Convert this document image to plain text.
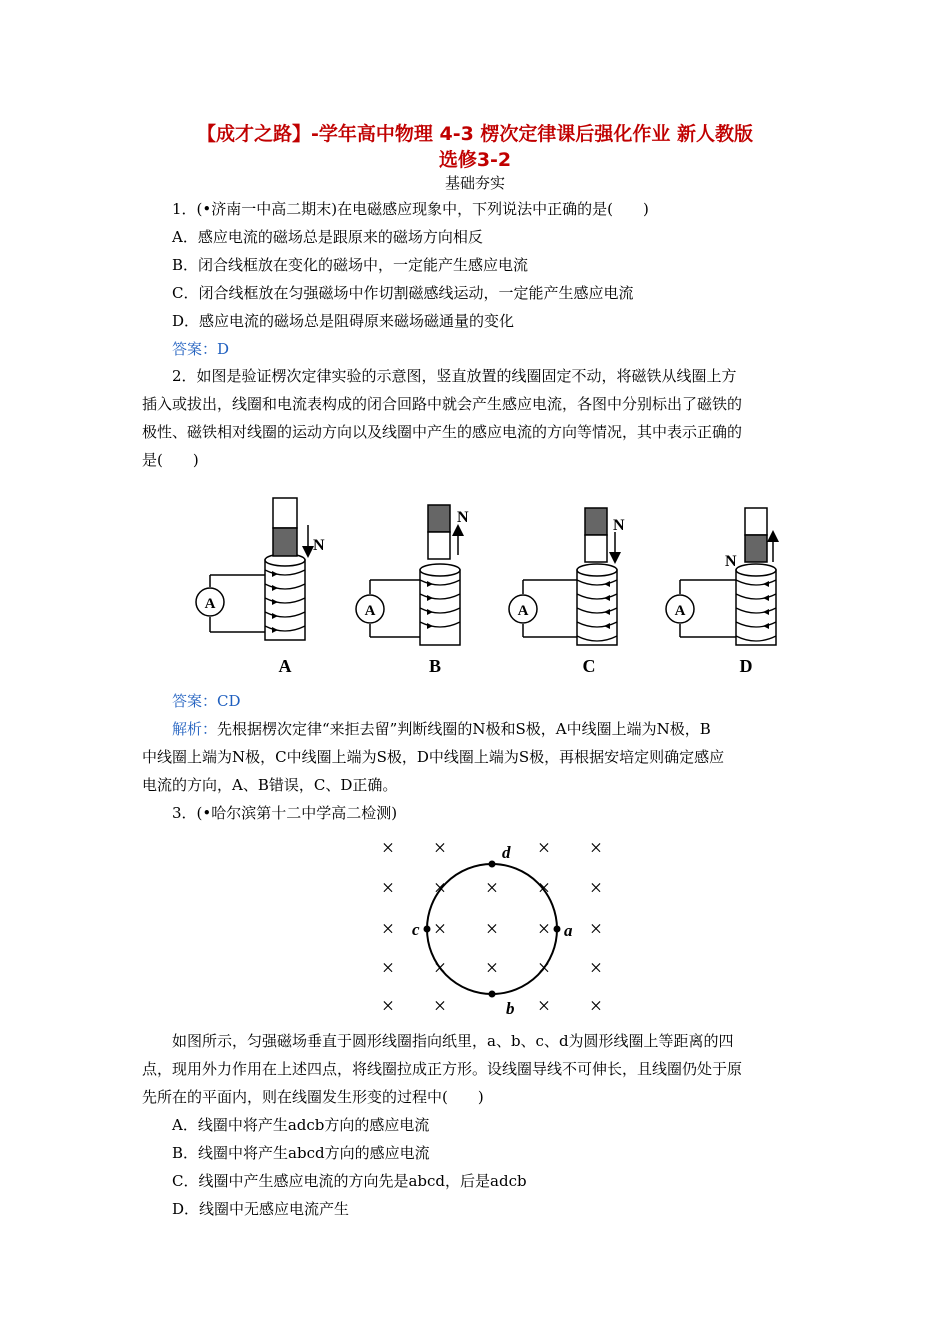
【成才之路】-学年高中物理 4-3 楞次定律课后强化作业 新人教版
选修3-2
基础夯实
1．(•济南一中高二期末)在电磁感应现象中，下列说法中正确的是(　　)
A．感应电流的磁场总是跟原来的磁场方向相反
B．闭合线框放在变化的磁场中，一定能产生感应电流
C．闭合线框放在匀强磁场中作切割磁感线运动，一定能产生感应电流
D．感应电流的磁场总是阻碍原来磁场磁通量的变化
答案：D
2．如图是验证楞次定律实验的示意图，竖直放置的线圈固定不动，将磁铁从线圈上方
插入或拔出，线圈和电流表构成的闭合回路中就会产生感应电流，各图中分别标出了磁铁的
极性、磁铁相对线圈的运动方向以及线圈中产生的感应电流的方向等情况，其中表示正确的
是(　　)
A
N
A
A
N
B
A
N
C
A
N
D
答案：CD
解析：先根据楞次定律“来拒去留”判断线圈的N极和S极，A中线圈上端为N极，B
中线圈上端为N极，C中线圈上端为S极，D中线圈上端为S极，再根据安培定则确定感应
电流的方向，A、B错误，C、D正确。
3．(•哈尔滨第十二中学高二检测)
× ×	× ×
× × × × ×
× × × × ×
× × × × ×
× ×	× ×
d
c	a
b
如图所示，匀强磁场垂直于圆形线圈指向纸里，a、b、c、d为圆形线圈上等距离的四
点，现用外力作用在上述四点，将线圈拉成正方形。设线圈导线不可伸长，且线圈仍处于原
先所在的平面内，则在线圈发生形变的过程中(　　)
A．线圈中将产生adcb方向的感应电流
B．线圈中将产生abcd方向的感应电流
C．线圈中产生感应电流的方向先是abcd，后是adcb
D．线圈中无感应电流产生
